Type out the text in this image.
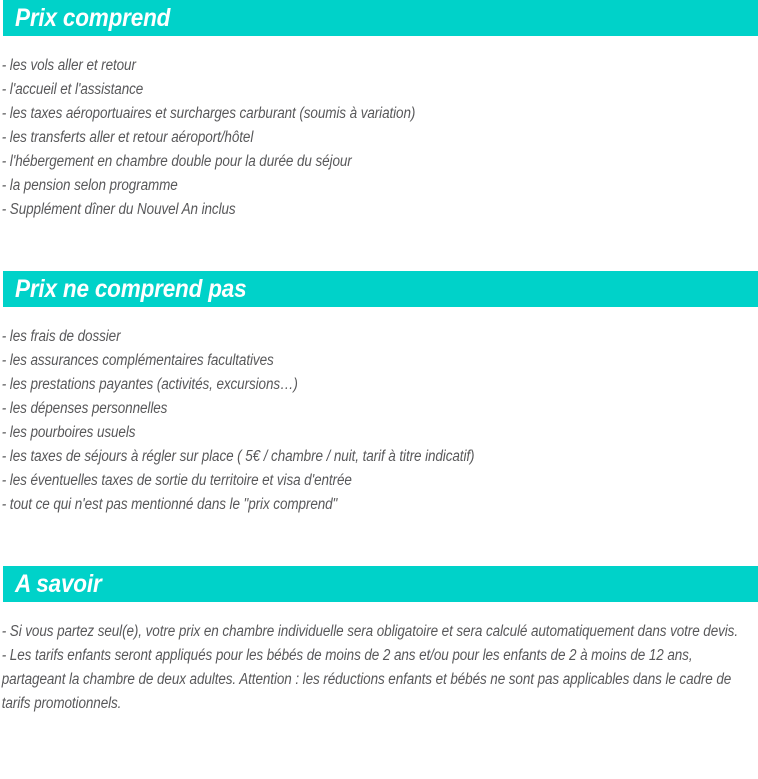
Prix comprend
- les vols aller et retour
- l'accueil et l'assistance
- les taxes aéroportuaires et surcharges carburant (soumis à variation)
- les transferts aller et retour aéroport/hôtel
- l'hébergement en chambre double pour la durée du séjour
- la pension selon programme
- Supplément dîner du Nouvel An inclus
Prix ne comprend pas
- les frais de dossier
- les assurances complémentaires facultatives
- les prestations payantes (activités, excursions…)
- les dépenses personnelles
- les pourboires usuels
- les taxes de séjours à régler sur place ( 5€ / chambre / nuit, tarif à titre indicatif)
- les éventuelles taxes de sortie du territoire et visa d'entrée
- tout ce qui n'est pas mentionné dans le "prix comprend"
A savoir
- Si vous partez seul(e), votre prix en chambre individuelle sera obligatoire et sera calculé automatiquement dans votre devis.
- Les tarifs enfants seront appliqués pour les bébés de moins de 2 ans et/ou pour les enfants de 2 à moins de 12 ans, partageant la chambre de deux adultes. Attention : les réductions enfants et bébés ne sont pas applicables dans le cadre de tarifs promotionnels.
